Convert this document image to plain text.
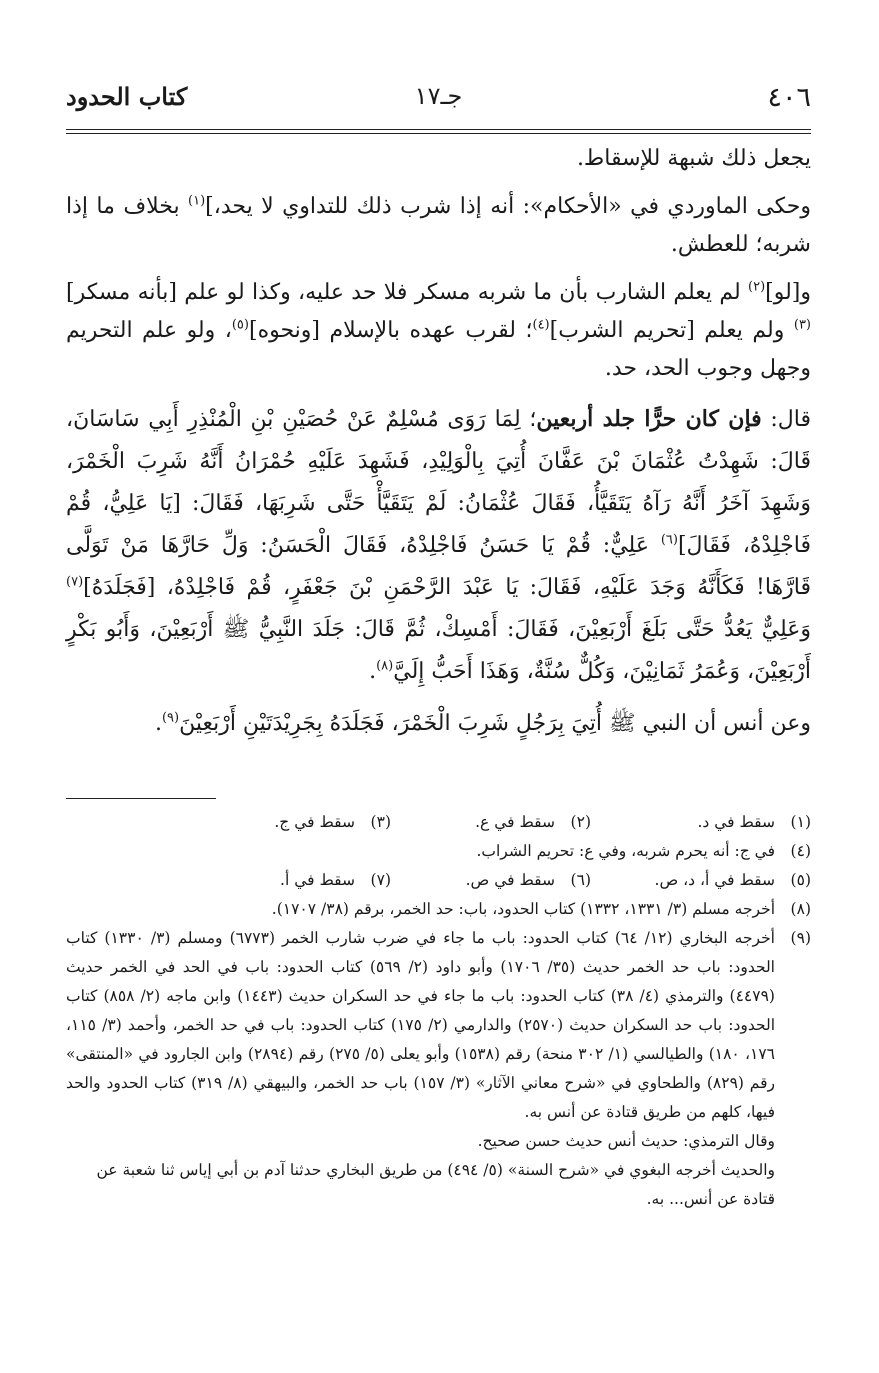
٤٠٦
جـ١٧
كتاب الحدود

يجعل ذلك شبهة للإسقاط.

وحكى الماوردي في «الأحكام»: أنه إذا شرب ذلك للتداوي لا يحد،]$^{(١)}$ بخلاف ما إذا شربه؛ للعطش.

و[لو]$^{(٢)}$ لم يعلم الشارب بأن ما شربه مسكر فلا حد عليه، وكذا لو علم [بأنه مسكر]$^{(٣)}$ ولم يعلم [تحريم الشرب]$^{(٤)}$؛ لقرب عهده بالإسلام [ونحوه]$^{(٥)}$، ولو علم التحريم وجهل وجوب الحد، حد.

قال: فإن كان حرًّا جلد أربعين؛ لِمَا رَوَى مُسْلِمٌ عَنْ حُصَيْنِ بْنِ الْمُنْذِرِ أَبِي سَاسَانَ، قَالَ: شَهِدْتُ عُثْمَانَ بْنَ عَفَّانَ أُتِيَ بِالْوَلِيْدِ، فَشَهِدَ عَلَيْهِ حُمْرَانُ أَنَّهُ شَرِبَ الْخَمْرَ، وَشَهِدَ آخَرُ أَنَّهُ رَآهُ يَتَقَيَّأُ، فَقَالَ عُثْمَانُ: لَمْ يَتَقَيَّأْ حَتَّى شَرِبَهَا، فَقَالَ: [يَا عَلِيُّ، قُمْ فَاجْلِدْهُ، فَقَالَ]$^{(٦)}$ عَلِيٌّ: قُمْ يَا حَسَنُ فَاجْلِدْهُ، فَقَالَ الْحَسَنُ: وَلِّ حَارَّهَا مَنْ تَوَلَّى قَارَّهَا! فَكَأَنَّهُ وَجَدَ عَلَيْهِ، فَقَالَ: يَا عَبْدَ الرَّحْمَنِ بْنَ جَعْفَرٍ، قُمْ فَاجْلِدْهُ، [فَجَلَدَهُ]$^{(٧)}$ وَعَلِيٌّ يَعُدُّ حَتَّى بَلَغَ أَرْبَعِيْنَ، فَقَالَ: أَمْسِكْ، ثُمَّ قَالَ: جَلَدَ النَّبِيُّ ﷺ أَرْبَعِيْنَ، وَأَبُو بَكْرٍ أَرْبَعِيْنَ، وَعُمَرُ ثَمَانِيْنَ، وَكُلٌّ سُنَّةٌ، وَهَذَا أَحَبُّ إِلَيَّ$^{(٨)}$.

وعن أنس أن النبي ﷺ أُتِيَ بِرَجُلٍ شَرِبَ الْخَمْرَ، فَجَلَدَهُ بِجَرِيْدَتَيْنِ أَرْبَعِيْنَ$^{(٩)}$.

(١)
سقط في د.
(٢)
سقط في ع.
(٣)
سقط في ج.
(٤)
في ج: أنه يحرم شربه، وفي ع: تحريم الشراب.
(٥)
سقط في أ، د، ص.
(٦)
سقط في ص.
(٧)
سقط في أ.
(٨)
أخرجه مسلم (٣/ ١٣٣١، ١٣٣٢) كتاب الحدود، باب: حد الخمر، برقم (٣٨/ ١٧٠٧).
(٩)
أخرجه البخاري (١٢/ ٦٤) كتاب الحدود: باب ما جاء في ضرب شارب الخمر (٦٧٧٣) ومسلم (٣/ ١٣٣٠) كتاب الحدود: باب حد الخمر حديث (٣٥/ ١٧٠٦) وأبو داود (٢/ ٥٦٩) كتاب الحدود: باب في الحد في الخمر حديث (٤٤٧٩) والترمذي (٤/ ٣٨) كتاب الحدود: باب ما جاء في حد السكران حديث (١٤٤٣) وابن ماجه (٢/ ٨٥٨) كتاب الحدود: باب حد السكران حديث (٢٥٧٠) والدارمي (٢/ ١٧٥) كتاب الحدود: باب في حد الخمر، وأحمد (٣/ ١١٥، ١٧٦، ١٨٠) والطيالسي (١/ ٣٠٢ منحة) رقم (١٥٣٨) وأبو يعلى (٥/ ٢٧٥) رقم (٢٨٩٤) وابن الجارود في «المنتقى» رقم (٨٢٩) والطحاوي في «شرح معاني الآثار» (٣/ ١٥٧) باب حد الخمر، والبيهقي (٨/ ٣١٩) كتاب الحدود والحد فيها، كلهم من طريق قتادة عن أنس به.
وقال الترمذي: حديث أنس حديث حسن صحيح.
والحديث أخرجه البغوي في «شرح السنة» (٥/ ٤٩٤) من طريق البخاري حدثنا آدم بن أبي إياس ثنا شعبة عن قتادة عن أنس... به.
